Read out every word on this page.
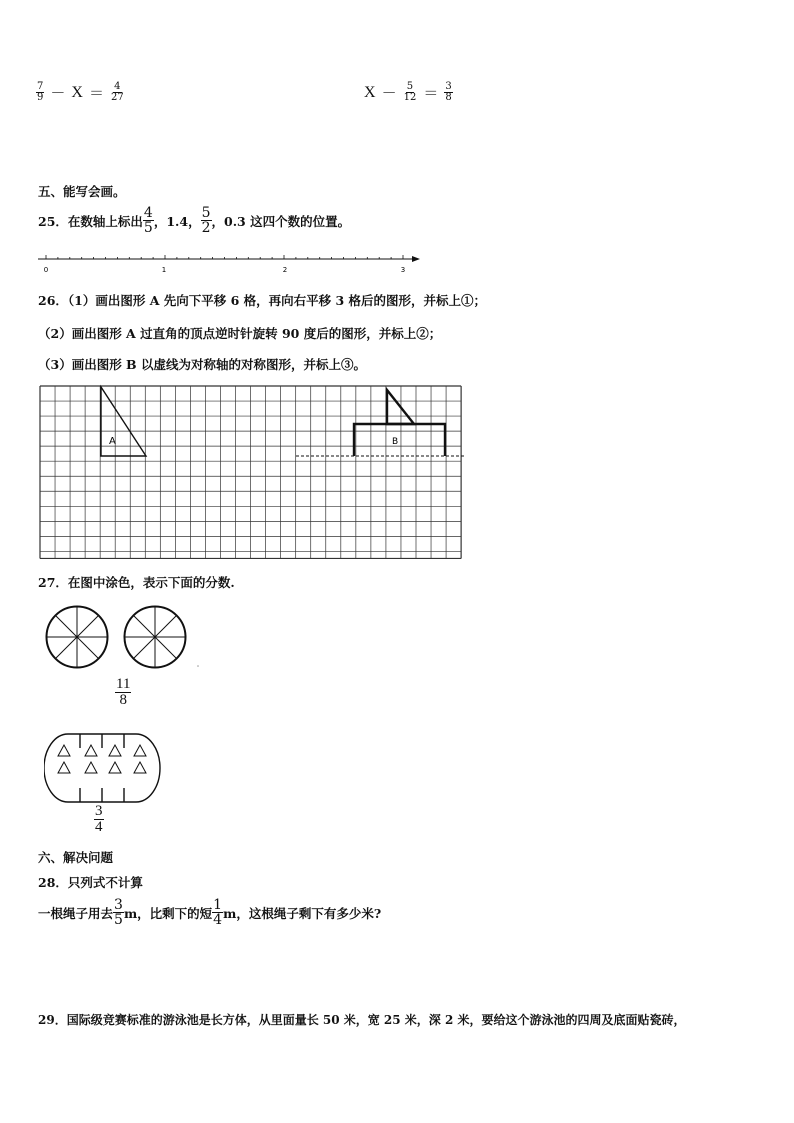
$\frac{7}{9} - X = \frac{4}{27}$	$X - \frac{5}{12} = \frac{3}{8}$
五、能写会画。
25．在数轴上标出 $\frac{4}{5}$ ，1.4， $\frac{5}{2}$ ，0.3 这四个数的位置。
0	1	2	3
26．（1）画出图形 A 先向下平移 6 格，再向右平移 3 格后的图形，并标上①；
（2）画出图形 A 过直角的顶点逆时针旋转 90 度后的图形，并标上②；
（3）画出图形 B 以虚线为对称轴的对称图形，并标上③。
A	B
27．在图中涂色，表示下面的分数.
$\frac{11}{8}$
$\frac{3}{4}$
六、解决问题
28．只列式不计算
一根绳子用去 $\frac{3}{5}$ m，比剩下的短 $\frac{1}{4}$ m，这根绳子剩下有多少米?
29．国际级竞赛标准的游泳池是长方体，从里面量长 50 米，宽 25 米，深 2 米，要给这个游泳池的四周及底面贴瓷砖，
